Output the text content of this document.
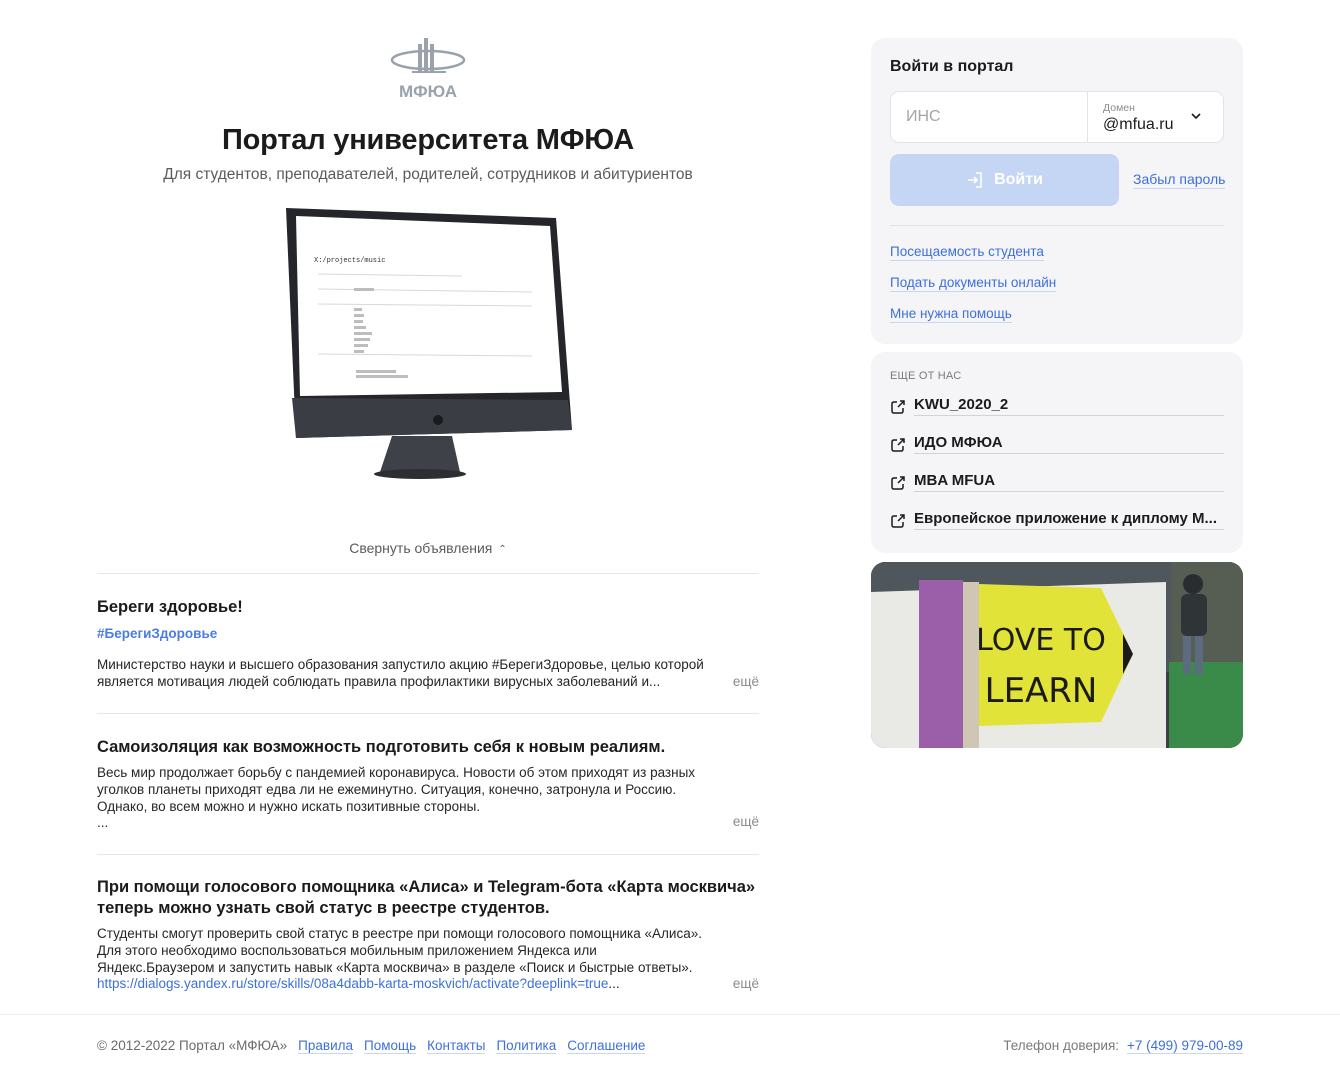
МФЮА
Портал университета МФЮА
Для студентов, преподавателей, родителей, сотрудников и абитуриентов
X:/projects/music
Свернуть объявления ⌃
Береги здоровье!
#БерегиЗдоровье
Министерство науки и высшего образования запустило акцию #БерегиЗдоровье, целью которой
является мотивация людей соблюдать правила профилактики вирусных заболеваний и...	ещё
Самоизоляция как возможность подготовить себя к новым реалиям.
Весь мир продолжает борьбу с пандемией коронавируса. Новости об этом приходят из разных
уголков планеты приходят едва ли не ежеминутно. Ситуация, конечно, затронула и Россию.
Однако, во всем можно и нужно искать позитивные стороны.
...	ещё
При помощи голосового помощника «Алиса» и Telegram-бота «Карта москвича»
теперь можно узнать свой статус в реестре студентов.
Студенты смогут проверить свой статус в реестре при помощи голосового помощника «Алиса».
Для этого необходимо воспользоваться мобильным приложением Яндекса или
Яндекс.Браузером и запустить навык «Карта москвича» в разделе «Поиск и быстрые ответы».
https://dialogs.yandex.ru/store/skills/08a4dabb-karta-moskvich/activate?deeplink=true...	ещё
Войти в портал
ИНС
Домен
@mfua.ru
Войти	Забыл пароль
Посещаемость студента
Подать документы онлайн
Мне нужна помощь
ЕЩЕ ОТ НАС
KWU_2020_2
ИДО МФЮА
MBA MFUA
Европейское приложение к диплому М...
LOVE TO
LEARN
© 2012-2022 Портал «МФЮА» Правила Помощь Контакты Политика Соглашение	Телефон доверия: +7 (499) 979-00-89
